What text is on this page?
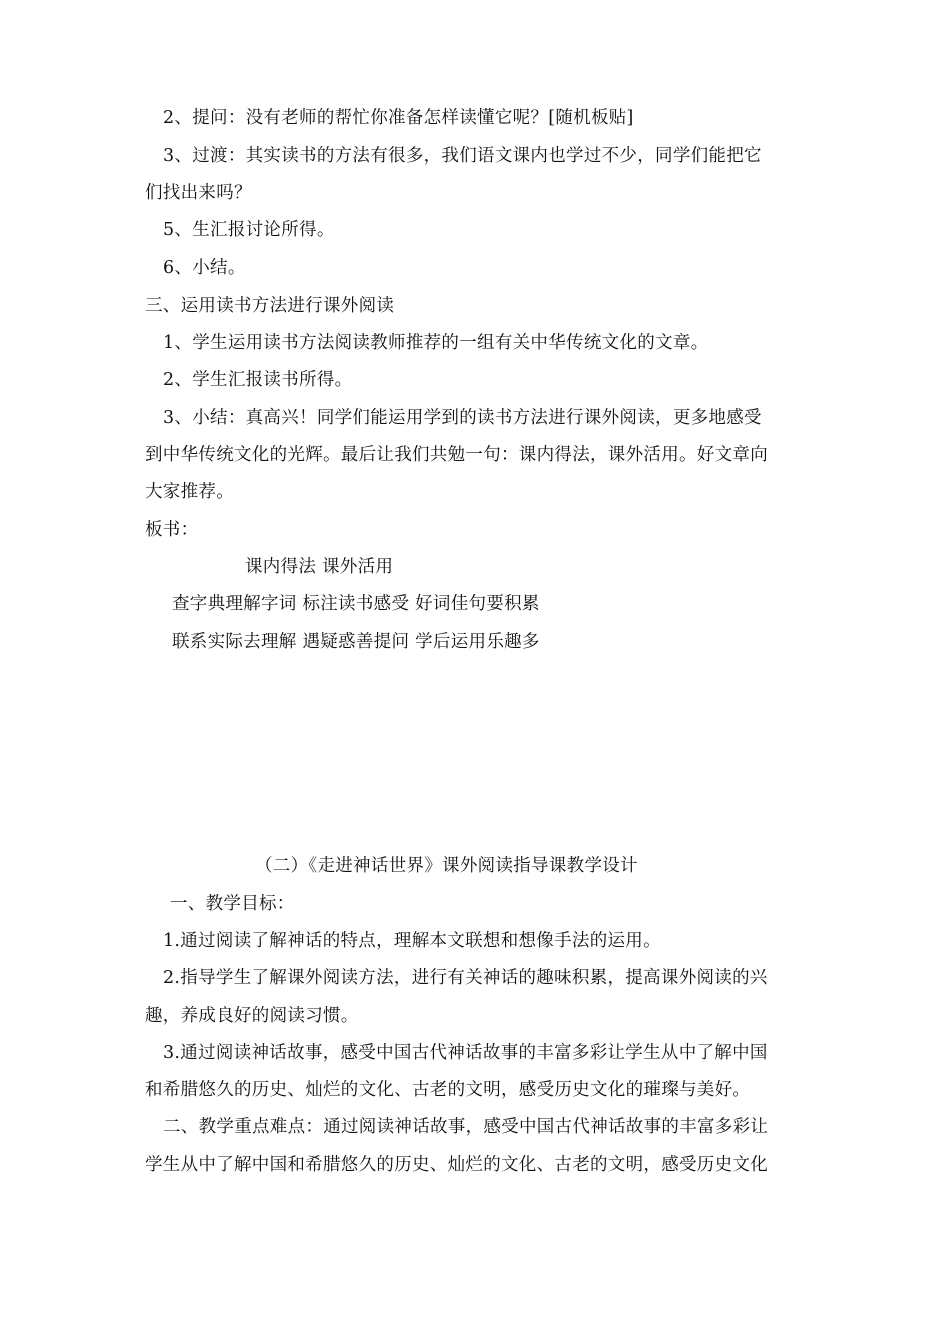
2、提问：没有老师的帮忙你准备怎样读懂它呢？[随机板贴]
3、过渡：其实读书的方法有很多，我们语文课内也学过不少，同学们能把它
们找出来吗？
5、生汇报讨论所得。
6、小结。
三、运用读书方法进行课外阅读
1、学生运用读书方法阅读教师推荐的一组有关中华传统文化的文章。
2、学生汇报读书所得。
3、小结：真高兴！同学们能运用学到的读书方法进行课外阅读，更多地感受
到中华传统文化的光辉。最后让我们共勉一句：课内得法，课外活用。好文章向
大家推荐。
板书：
课内得法 课外活用
查字典理解字词 标注读书感受 好词佳句要积累
联系实际去理解 遇疑惑善提问 学后运用乐趣多
（二）《走进神话世界》课外阅读指导课教学设计
一、教学目标：
1.通过阅读了解神话的特点，理解本文联想和想像手法的运用。
2.指导学生了解课外阅读方法，进行有关神话的趣味积累，提高课外阅读的兴
趣，养成良好的阅读习惯。
3.通过阅读神话故事，感受中国古代神话故事的丰富多彩让学生从中了解中国
和希腊悠久的历史、灿烂的文化、古老的文明，感受历史文化的璀璨与美好。
二、教学重点难点：通过阅读神话故事，感受中国古代神话故事的丰富多彩让
学生从中了解中国和希腊悠久的历史、灿烂的文化、古老的文明，感受历史文化
